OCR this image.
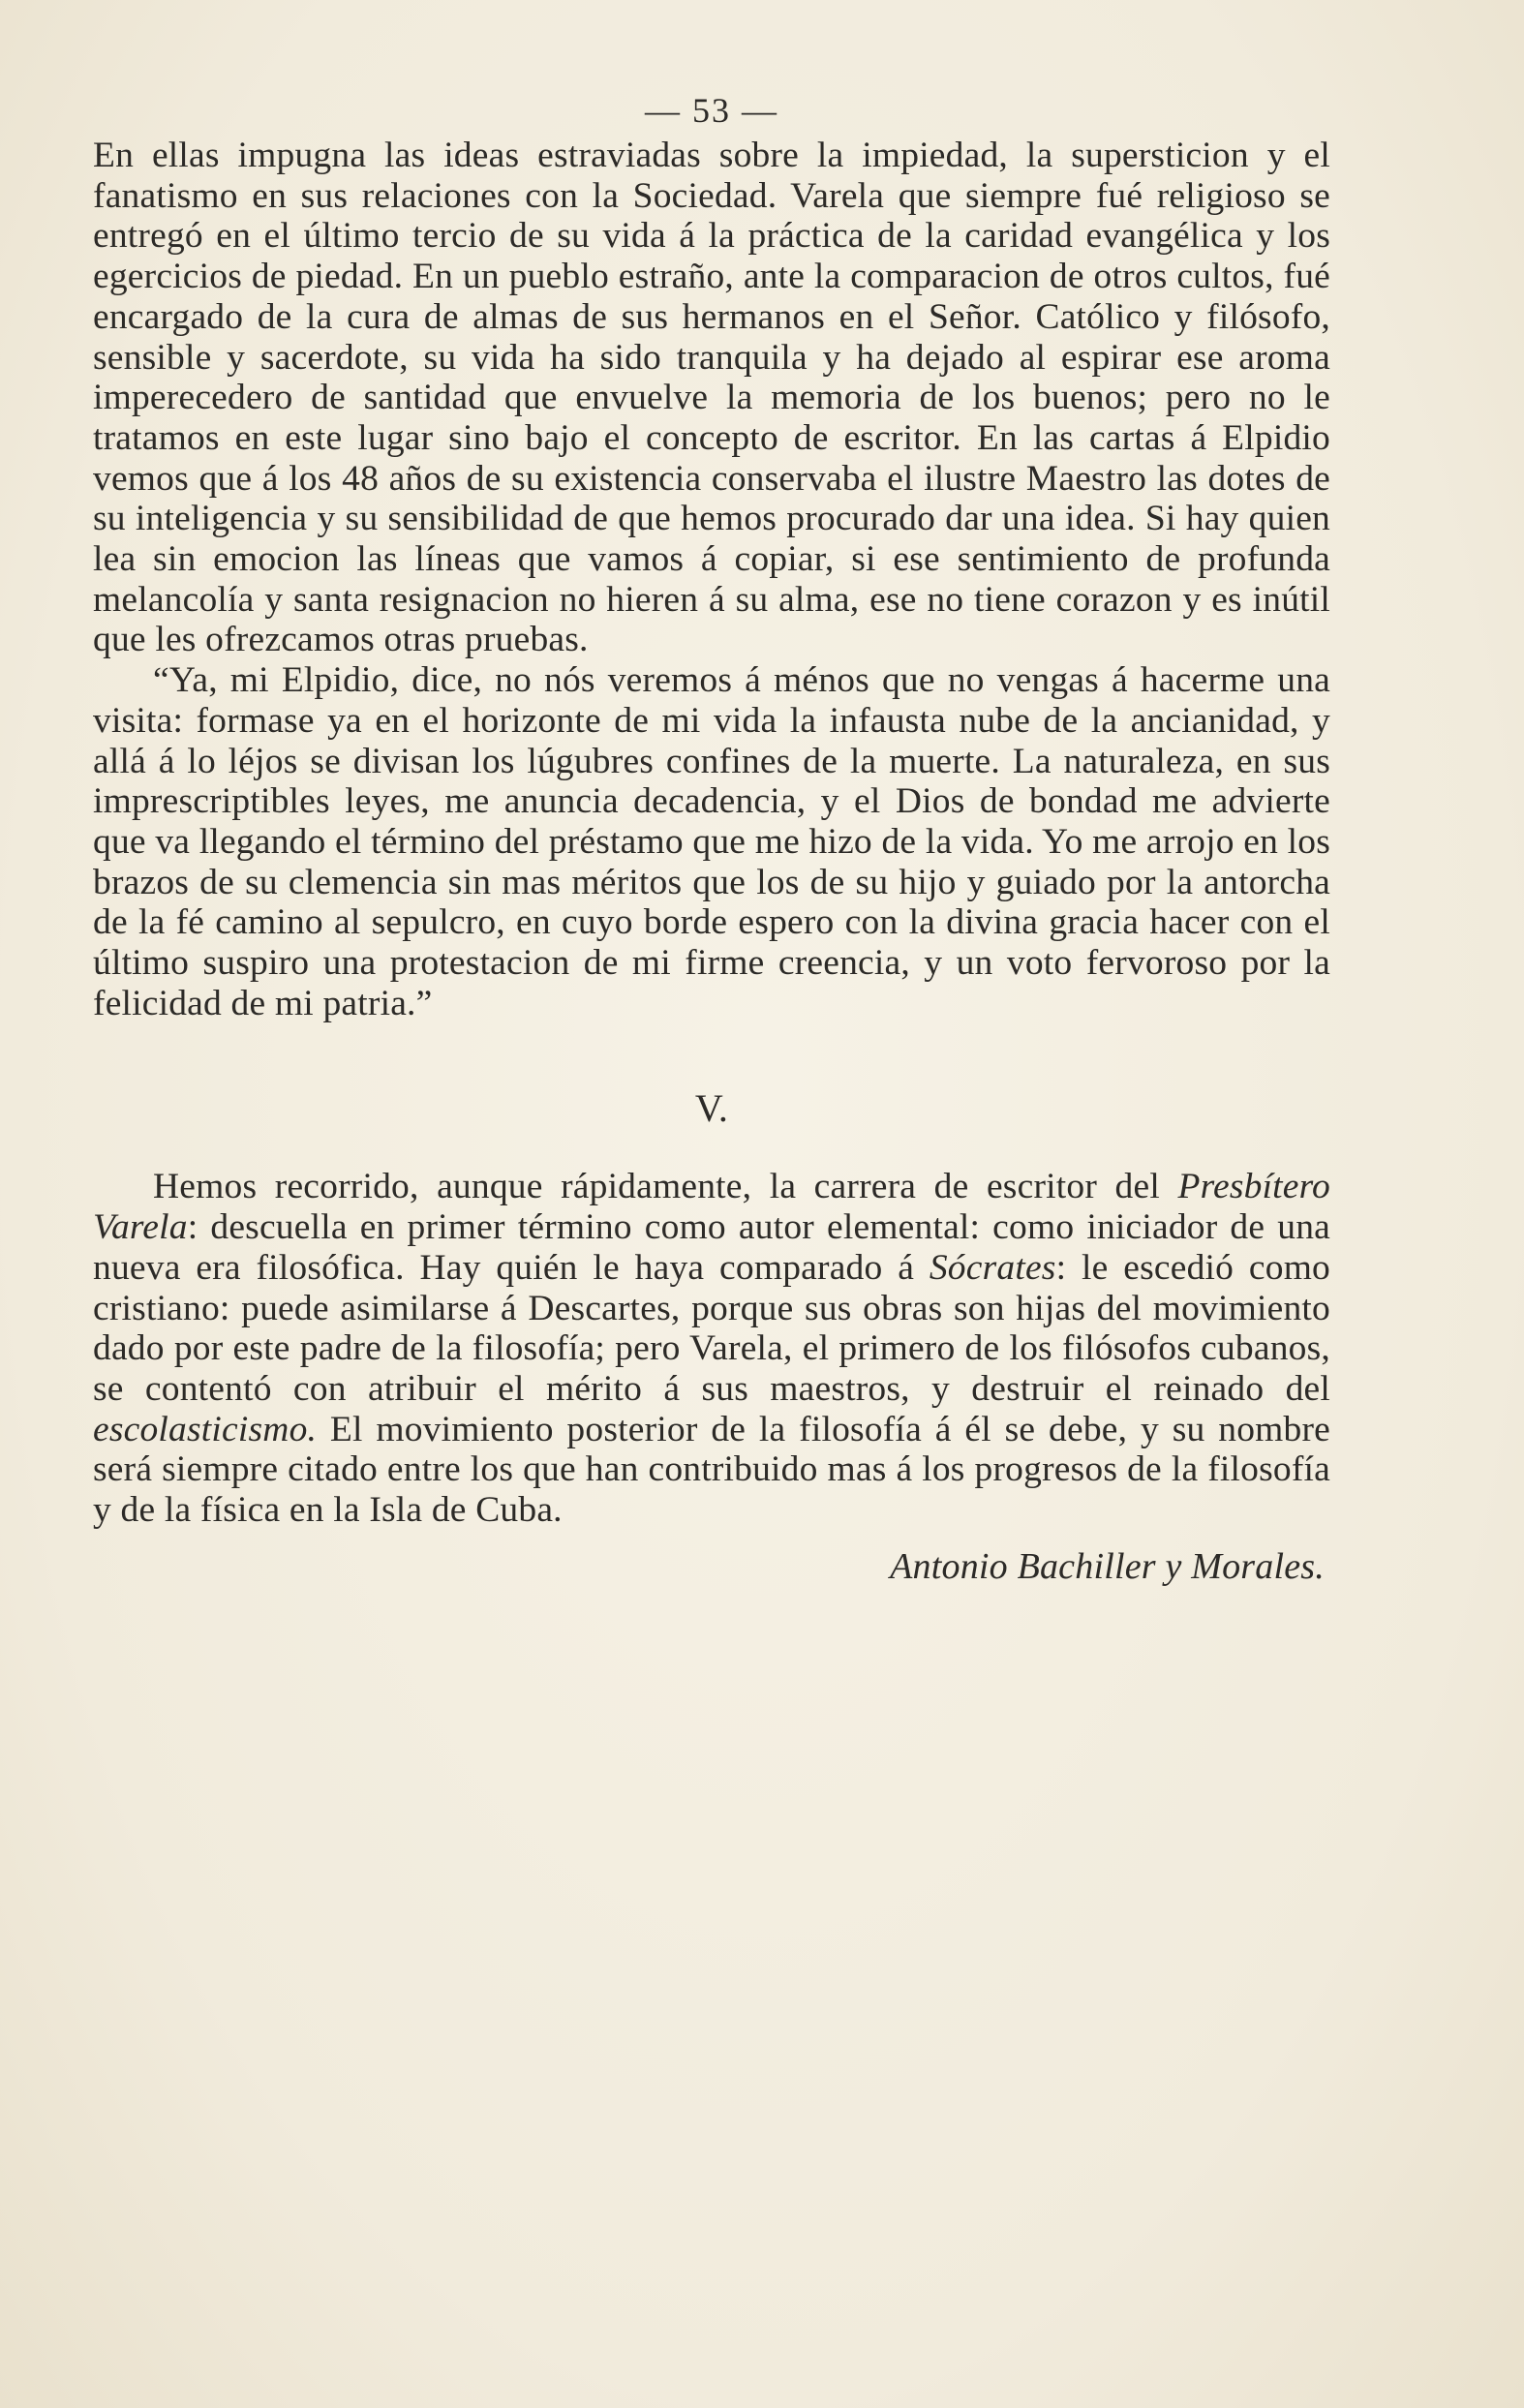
— 53 —

En ellas impugna las ideas estraviadas sobre la impiedad, la supersticion y el fanatismo en sus relaciones con la Sociedad. Varela que siempre fué religioso se entregó en el último tercio de su vida á la práctica de la caridad evangélica y los egercicios de piedad. En un pueblo estraño, ante la comparacion de otros cultos, fué encargado de la cura de almas de sus hermanos en el Señor. Católico y filósofo, sensible y sacerdote, su vida ha sido tranquila y ha dejado al espirar ese aroma imperecedero de santidad que envuelve la memoria de los buenos; pero no le tratamos en este lugar sino bajo el concepto de escritor. En las cartas á Elpidio vemos que á los 48 años de su existencia conservaba el ilustre Maestro las dotes de su inteligencia y su sensibilidad de que hemos procurado dar una idea. Si hay quien lea sin emocion las líneas que vamos á copiar, si ese sentimiento de profunda melancolía y santa resignacion no hieren á su alma, ese no tiene corazon y es inútil que les ofrezcamos otras pruebas.

“Ya, mi Elpidio, dice, no nós veremos á ménos que no vengas á hacerme una visita: formase ya en el horizonte de mi vida la infausta nube de la ancianidad, y allá á lo léjos se divisan los lúgubres confines de la muerte. La naturaleza, en sus imprescriptibles leyes, me anuncia decadencia, y el Dios de bondad me advierte que va llegando el término del préstamo que me hizo de la vida. Yo me arrojo en los brazos de su clemencia sin mas méritos que los de su hijo y guiado por la antorcha de la fé camino al sepulcro, en cuyo borde espero con la divina gracia hacer con el último suspiro una protestacion de mi firme creencia, y un voto fervoroso por la felicidad de mi patria.”

V.

Hemos recorrido, aunque rápidamente, la carrera de escritor del Presbítero Varela: descuella en primer término como autor elemental: como iniciador de una nueva era filosófica. Hay quién le haya comparado á Sócrates: le escedió como cristiano: puede asimilarse á Descartes, porque sus obras son hijas del movimiento dado por este padre de la filosofía; pero Varela, el primero de los filósofos cubanos, se contentó con atribuir el mérito á sus maestros, y destruir el reinado del escolasticismo. El movimiento posterior de la filosofía á él se debe, y su nombre será siempre citado entre los que han contribuido mas á los progresos de la filosofía y de la física en la Isla de Cuba.

Antonio Bachiller y Morales.
